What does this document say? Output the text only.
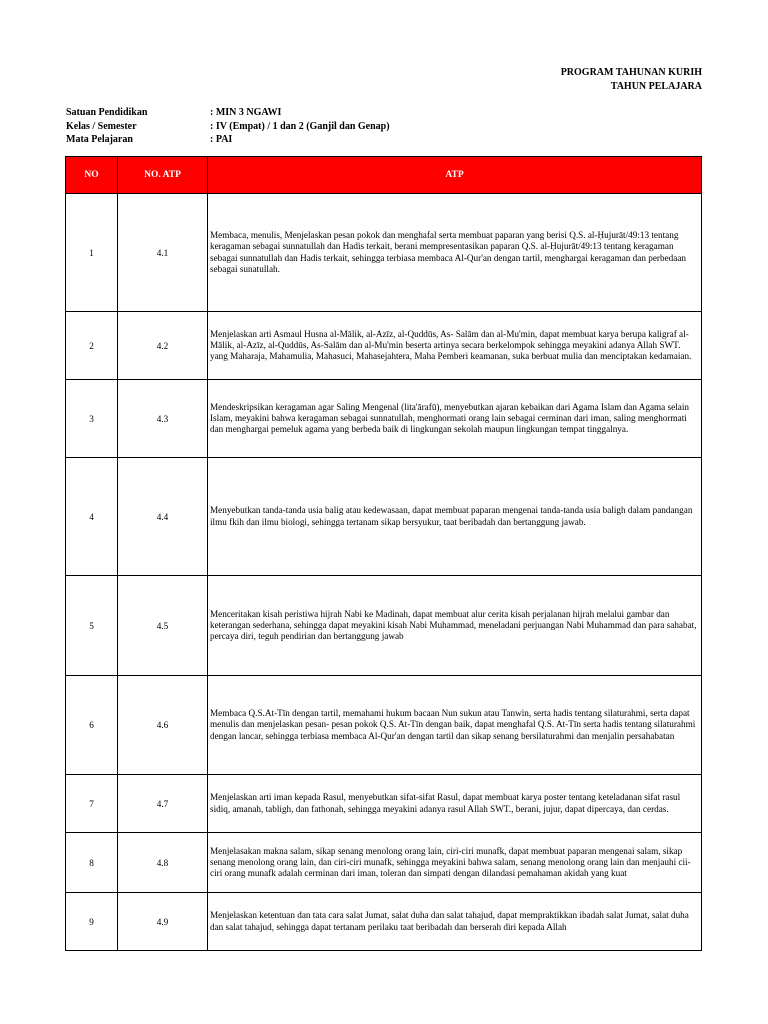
PROGRAM TAHUNAN KURIH
TAHUN PELAJARA
Satuan Pendidikan	: MIN 3 NGAWI
Kelas / Semester	: IV (Empat) / 1 dan 2 (Ganjil dan Genap)
Mata Pelajaran	: PAI
NO	NO. ATP	ATP
1	4.1	Membaca, menulis, Menjelaskan pesan pokok dan menghafal serta membuat paparan yang berisi Q.S. al-Ḥujurāt/49:13 tentang keragaman sebagai sunnatullah dan Hadis terkait, berani mempresentasikan paparan Q.S. al-Ḥujurāt/49:13 tentang keragaman sebagai sunnatullah dan Hadis terkait, sehingga terbiasa membaca Al-Qur'an dengan tartil, menghargai keragaman dan perbedaan sebagai sunatullah.
2	4.2	Menjelaskan arti Asmaul Husna al-Mālik, al-Azīz, al-Quddūs, As- Salām dan al-Mu'min, dapat membuat karya berupa kaligraf al-Mālik, al-Azīz, al-Quddūs, As-Salām dan al-Mu'min beserta artinya secara berkelompok sehingga meyakini adanya Allah SWT. yang Maharaja, Mahamulia, Mahasuci, Mahasejahtera, Maha Pemberi keamanan, suka berbuat mulia dan menciptakan kedamaian.
3	4.3	Mendeskripsikan keragaman agar Saling Mengenal (lita'ārafū), menyebutkan ajaran kebaikan dari Agama Islam dan Agama selain Islam, meyakini bahwa keragaman sebagai sunnatullah, menghormati orang lain sebagai cerminan dari iman, saling menghormati dan menghargai pemeluk agama yang berbeda baik di lingkungan sekolah maupun lingkungan tempat tinggalnya.
4	4.4	Menyebutkan tanda-tanda usia balig atau kedewasaan, dapat membuat paparan mengenai tanda-tanda usia baligh dalam pandangan ilmu fkih dan ilmu biologi, sehingga tertanam sikap bersyukur, taat beribadah dan bertanggung jawab.
5	4.5	Menceritakan kisah peristiwa hijrah Nabi ke Madinah, dapat membuat alur cerita kisah perjalanan hijrah melalui gambar dan keterangan sederhana, sehingga dapat meyakini kisah Nabi Muhammad, meneladani perjuangan Nabi Muhammad dan para sahabat, percaya diri, teguh pendirian dan bertanggung jawab
6	4.6	Membaca Q.S.At-Tīn dengan tartil, memahami hukum bacaan Nun sukun atau Tanwin, serta hadis tentang silaturahmi, serta dapat menulis dan menjelaskan pesan- pesan pokok Q.S. At-Tīn dengan baik, dapat menghafal Q.S. At-Tīn serta hadis tentang silaturahmi dengan lancar, sehingga terbiasa membaca Al-Qur'an dengan tartil dan sikap senang bersilaturahmi dan menjalin persahabatan
7	4.7	Menjelaskan arti iman kepada Rasul, menyebutkan sifat-sifat Rasul, dapat membuat karya poster tentang keteladanan sifat rasul sidiq, amanah, tabligh, dan fathonah, sehingga meyakini adanya rasul Allah SWT., berani, jujur, dapat dipercaya, dan cerdas.
8	4.8	Menjelasakan makna salam, sikap senang menolong orang lain, ciri-ciri munafk, dapat membuat paparan mengenai salam, sikap senang menolong orang lain, dan ciri-ciri munafk, sehingga meyakini bahwa salam, senang menolong orang lain dan menjauhi cii-ciri orang munafk adalah cerminan dari iman, toleran dan simpati dengan dilandasi pemahaman akidah yang kuat
9	4.9	Menjelaskan ketentuan dan tata cara salat Jumat, salat duha dan salat tahajud, dapat mempraktikkan ibadah salat Jumat, salat duha dan salat tahajud, sehingga dapat tertanam perilaku taat beribadah dan berserah diri kepada Allah
